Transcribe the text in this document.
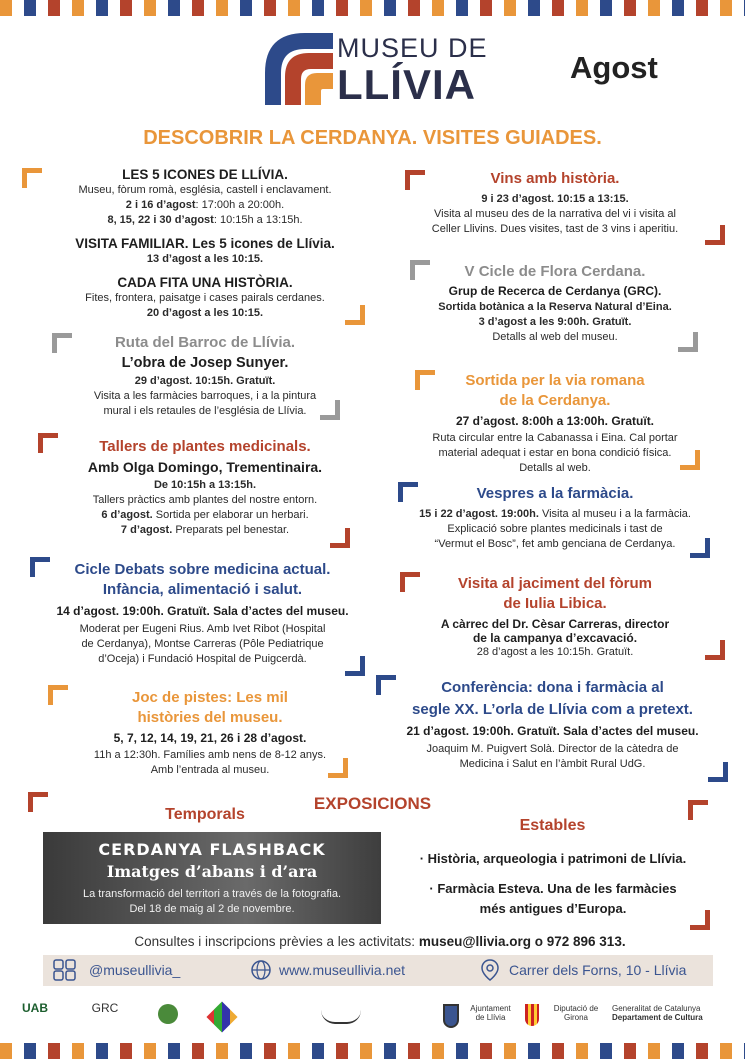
MUSEU DE
LLÍVIA	Agost
DESCOBRIR LA CERDANYA. VISITES GUIADES.
LES 5 ICONES DE LLÍVIA.
Museu, fòrum romà, església, castell i enclavament.
2 i 16 d’agost: 17:00h a 20:00h.
8, 15, 22 i 30 d’agost: 10:15h a 13:15h.
VISITA FAMILIAR. Les 5 icones de Llívia.
13 d’agost a les 10:15.
CADA FITA UNA HISTÒRIA.
Fites, frontera, paisatge i cases pairals cerdanes.
20 d’agost a les 10:15.
Ruta del Barroc de Llívia.
L’obra de Josep Sunyer.
29 d’agost. 10:15h. Gratuït.
Visita a les farmàcies barroques, i a la pintura
mural i els retaules de l’església de Llívia.
Tallers de plantes medicinals.
Amb Olga Domingo, Trementinaira.
De 10:15h a 13:15h.
Tallers pràctics amb plantes del nostre entorn.
6 d’agost. Sortida per elaborar un herbari.
7 d’agost. Preparats pel benestar.
Cicle Debats sobre medicina actual.
Infància, alimentació i salut.
14 d’agost. 19:00h. Gratuït. Sala d’actes del museu.
Moderat per Eugeni Rius. Amb Ivet Ribot (Hospital
de Cerdanya), Montse Carreras (Pôle Pediatrique
d’Oceja) i Fundació Hospital de Puigcerdà.
Joc de pistes: Les mil
històries del museu.
5, 7, 12, 14, 19, 21, 26 i 28 d’agost.
11h a 12:30h. Famílies amb nens de 8-12 anys.
Amb l’entrada al museu.
Vins amb història.
9 i 23 d’agost. 10:15 a 13:15.
Visita al museu des de la narrativa del vi i visita al
Celler Llivins. Dues visites, tast de 3 vins i aperitiu.
V Cicle de Flora Cerdana.
Grup de Recerca de Cerdanya (GRC).
Sortida botànica a la Reserva Natural d’Eina.
3 d’agost a les 9:00h. Gratuït.
Detalls al web del museu.
Sortida per la via romana
de la Cerdanya.
27 d’agost. 8:00h a 13:00h. Gratuït.
Ruta circular entre la Cabanassa i Eina. Cal portar
material adequat i estar en bona condició física.
Detalls al web.
Vespres a la farmàcia.
15 i 22 d’agost. 19:00h. Visita al museu i a la farmàcia.
Explicació sobre plantes medicinals i tast de
“Vermut el Bosc”, fet amb genciana de Cerdanya.
Visita al jaciment del fòrum
de Iulia Libica.
A càrrec del Dr. Cèsar Carreras, director
de la campanya d’excavació.
28 d’agost a les 10:15h. Gratuït.
Conferència: dona i farmàcia al
segle XX. L’orla de Llívia com a pretext.
21 d’agost. 19:00h. Gratuït. Sala d’actes del museu.
Joaquim M. Puigvert Solà. Director de la càtedra de
Medicina i Salut en l’àmbit Rural UdG.
EXPOSICIONS
Temporals
Estables
CERDANYA FLASHBACK
Imatges d’abans i d’ara
La transformació del territori a través de la fotografia.
Del 18 de maig al 2 de novembre.
· Història, arqueologia i patrimoni de Llívia.
· Farmàcia Esteva. Una de les farmàcies
més antigues d’Europa.
Consultes i inscripcions prèvies a les activitats: museu@llivia.org o 972 896 313.
@museullivia_	www.museullivia.net	Carrer dels Forns, 10 - Llívia
UAB	GRC	Ajuntament de Llívia
Diputació de Girona
Generalitat de Catalunya
Departament de Cultura
